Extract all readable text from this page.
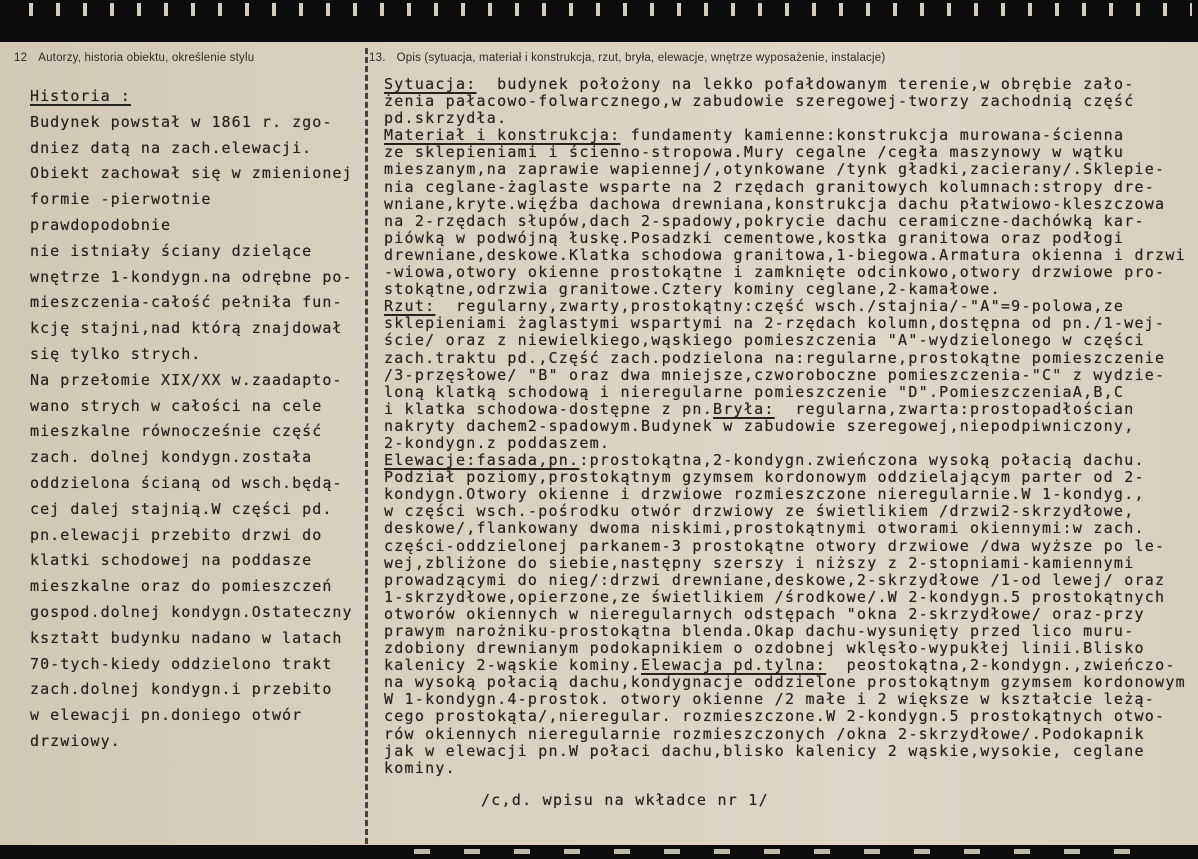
12 Autorzy, historia obiektu, określenie stylu
Historia :
Budynek powstał w 1861 r. zgo-
dniez datą na zach.elewacji.
Obiekt zachował się w zmienionej
formie -pierwotnie prawdopodobnie
nie istniały ściany dzielące
wnętrze 1-kondygn.na odrębne po-
mieszczenia-całość pełniła fun-
kcję stajni,nad którą znajdował
się tylko strych.
Na przełomie XIX/XX w.zaadapto-
wano strych w całości na cele
mieszkalne równocześnie część
zach. dolnej kondygn.została
oddzielona ścianą od wsch.będą-
cej dalej stajnią.W części pd.
pn.elewacji przebito drzwi do
klatki schodowej na poddasze
mieszkalne oraz do pomieszczeń
gospod.dolnej kondygn.Ostateczny
kształt budynku nadano w latach
70-tych-kiedy oddzielono trakt
zach.dolnej kondygn.i przebito
w elewacji pn.doniego otwór
drzwiowy.
13. Opis (sytuacja, materiał i konstrukcja, rzut, bryła, elewacje, wnętrze wyposażenie, instalacje)
Sytuacja:  budynek położony na lekko pofałdowanym terenie,w obrębie zało-
żenia pałacowo-folwarcznego,w zabudowie szeregowej-tworzy zachodnią część
pd.skrzydła.
Materiał i konstrukcja: fundamenty kamienne:konstrukcja murowana-ścienna
ze sklepieniami i ścienno-stropowa.Mury cegalne /cegła maszynowy w wątku
mieszanym,na zaprawie wapiennej/,otynkowane /tynk gładki,zacierany/.Sklepie-
nia ceglane-żaglaste wsparte na 2 rzędach granitowych kolumnach:stropy dre-
wniane,kryte.więźba dachowa drewniana,konstrukcja dachu płatwiowo-kleszczowa
na 2-rzędach słupów,dach 2-spadowy,pokrycie dachu ceramiczne-dachówką kar-
piówką w podwójną łuskę.Posadzki cementowe,kostka granitowa oraz podłogi
drewniane,deskowe.Klatka schodowa granitowa,1-biegowa.Armatura okienna i drzwi
-wiowa,otwory okienne prostokątne i zamknięte odcinkowo,otwory drzwiowe pro-
stokątne,odrzwia granitowe.Cztery kominy ceglane,2-kamałowe.
Rzut:  regularny,zwarty,prostokątny:część wsch./stajnia/-"A"=9-polowa,ze
sklepieniami żaglastymi wspartymi na 2-rzędach kolumn,dostępna od pn./1-wej-
ście/ oraz z niewielkiego,wąskiego pomieszczenia "A"-wydzielonego w części
zach.traktu pd.,Część zach.podzielona na:regularne,prostokątne pomieszczenie
/3-przęsłowe/ "B" oraz dwa mniejsze,czworoboczne pomieszczenia-"C" z wydzie-
loną klatką schodową i nieregularne pomieszczenie "D".PomieszczeniaA,B,C
i klatka schodowa-dostępne z pn.Bryła:  regularna,zwarta:prostopadłościan
nakryty dachem2-spadowym.Budynek w zabudowie szeregowej,niepodpiwniczony,
2-kondygn.z poddaszem.
Elewacje:fasada,pn.:prostokątna,2-kondygn.zwieńczona wysoką połacią dachu.
Podział poziomy,prostokątnym gzymsem kordonowym oddzielającym parter od 2-
kondygn.Otwory okienne i drzwiowe rozmieszczone nieregularnie.W 1-kondyg.,
w części wsch.-pośrodku otwór drzwiowy ze świetlikiem /drzwi2-skrzydłowe,
deskowe/,flankowany dwoma niskimi,prostokątnymi otworami okiennymi:w zach.
części-oddzielonej parkanem-3 prostokątne otwory drzwiowe /dwa wyższe po le-
wej,zbliżone do siebie,następny szerszy i niższy z 2-stopniami-kamiennymi
prowadzącymi do nieg/:drzwi drewniane,deskowe,2-skrzydłowe /1-od lewej/ oraz
1-skrzydłowe,opierzone,ze świetlikiem /środkowe/.W 2-kondygn.5 prostokątnych
otworów okiennych w nieregularnych odstępach "okna 2-skrzydłowe/ oraz-przy
prawym narożniku-prostokątna blenda.Okap dachu-wysunięty przed lico muru-
zdobiony drewnianym podokapnikiem o ozdobnej wklęsło-wypukłej linii.Blisko
kalenicy 2-wąskie kominy.Elewacja pd.tylna:  peostokątna,2-kondygn.,zwieńczo-
na wysoką połacią dachu,kondygnacje oddzielone prostokątnym gzymsem kordonowym
W 1-kondygn.4-prostok. otwory okienne /2 małe i 2 większe w kształcie leżą-
cego prostokąta/,nieregular. rozmieszczone.W 2-kondygn.5 prostokątnych otwo-
rów okiennych nieregularnie rozmieszczonych /okna 2-skrzydłowe/.Podokapnik
jak w elewacji pn.W połaci dachu,blisko kalenicy 2 wąskie,wysokie, ceglane
kominy.
/c,d. wpisu na wkładce nr 1/
